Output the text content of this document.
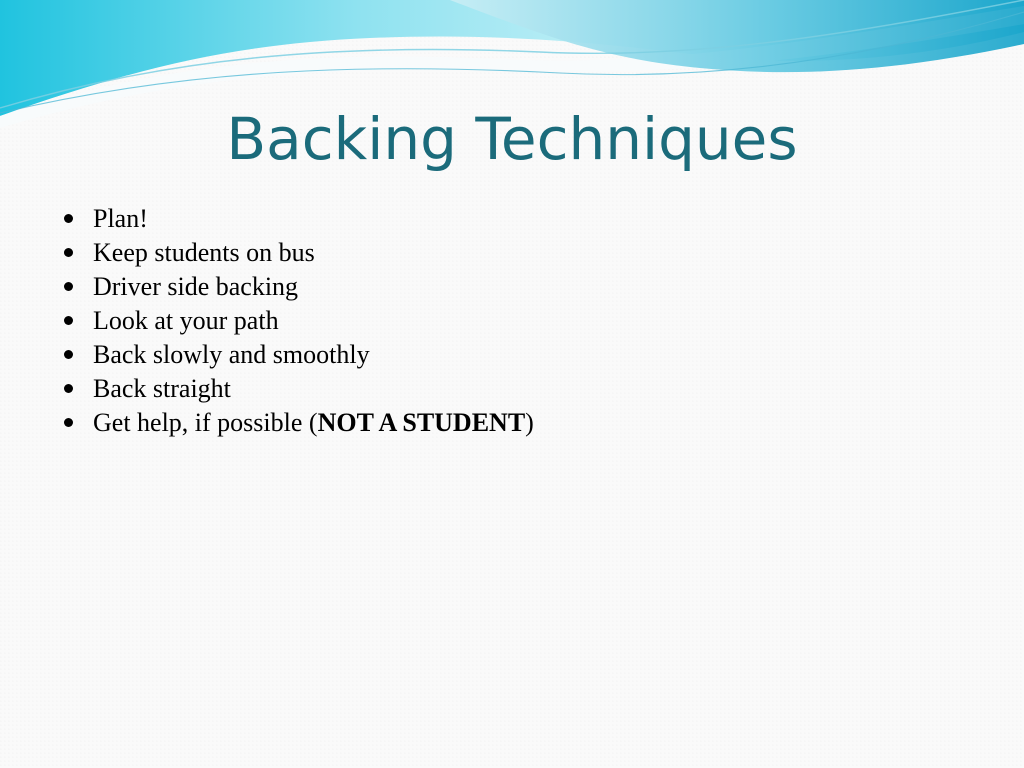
Backing Techniques
Plan!
Keep students on bus
Driver side backing
Look at your path
Back slowly and smoothly
Back straight
Get help, if possible (NOT A STUDENT)
